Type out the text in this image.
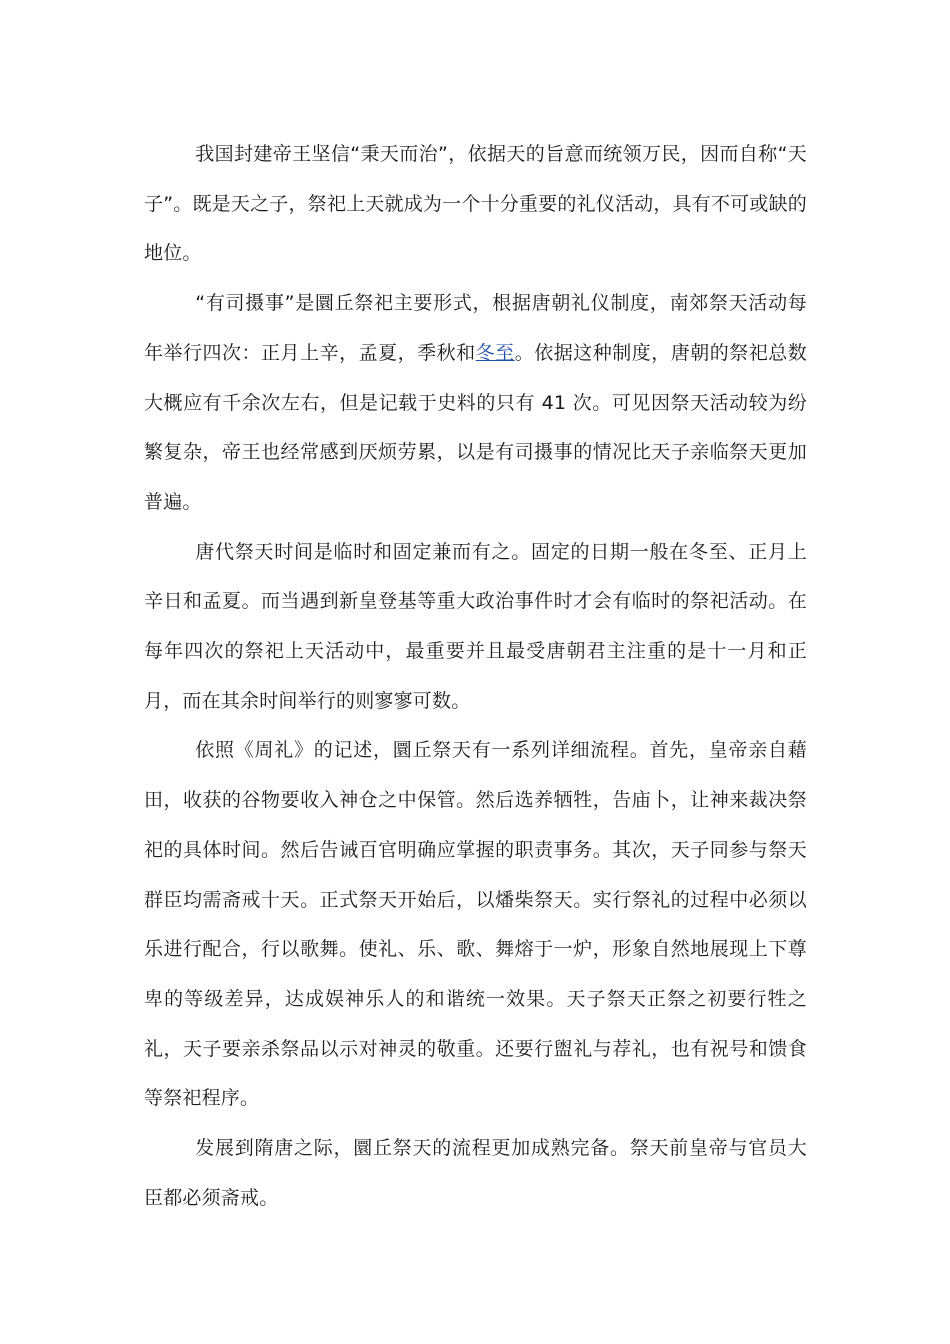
我国封建帝王坚信“秉天而治”，依据天的旨意而统领万民，因而自称“天子”。既是天之子，祭祀上天就成为一个十分重要的礼仪活动，具有不可或缺的地位。

“有司摄事”是圜丘祭祀主要形式，根据唐朝礼仪制度，南郊祭天活动每年举行四次：正月上辛，孟夏，季秋和冬至。依据这种制度，唐朝的祭祀总数大概应有千余次左右，但是记载于史料的只有 41 次。可见因祭天活动较为纷繁复杂，帝王也经常感到厌烦劳累，以是有司摄事的情况比天子亲临祭天更加普遍。

唐代祭天时间是临时和固定兼而有之。固定的日期一般在冬至、正月上辛日和孟夏。而当遇到新皇登基等重大政治事件时才会有临时的祭祀活动。在每年四次的祭祀上天活动中，最重要并且最受唐朝君主注重的是十一月和正月，而在其余时间举行的则寥寥可数。

依照《周礼》的记述，圜丘祭天有一系列详细流程。首先，皇帝亲自藉田，收获的谷物要收入神仓之中保管。然后选养牺牲，告庙卜，让神来裁决祭祀的具体时间。然后告诫百官明确应掌握的职责事务。其次，天子同参与祭天群臣均需斋戒十天。正式祭天开始后，以燔柴祭天。实行祭礼的过程中必须以乐进行配合，行以歌舞。使礼、乐、歌、舞熔于一炉，形象自然地展现上下尊卑的等级差异，达成娱神乐人的和谐统一效果。天子祭天正祭之初要行牲之礼，天子要亲杀祭品以示对神灵的敬重。还要行盥礼与荐礼，也有祝号和馈食等祭祀程序。

发展到隋唐之际，圜丘祭天的流程更加成熟完备。祭天前皇帝与官员大臣都必须斋戒。
